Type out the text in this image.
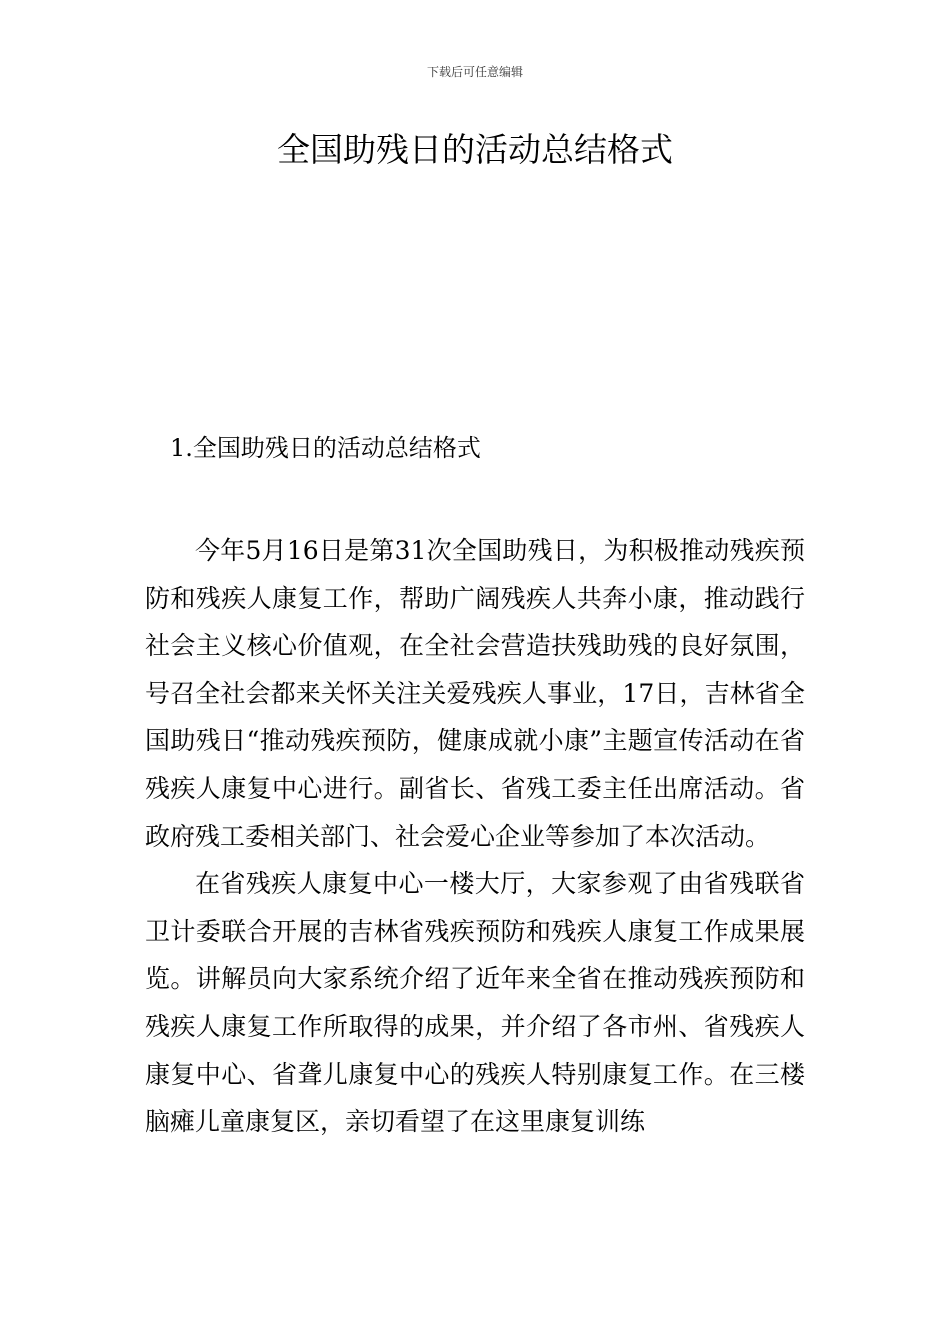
下载后可任意编辑
全国助残日的活动总结格式
1.全国助残日的活动总结格式

今年5月16日是第31次全国助残日，为积极推动残疾预防和残疾人康复工作，帮助广阔残疾人共奔小康，推动践行社会主义核心价值观，在全社会营造扶残助残的良好氛围，号召全社会都来关怀关注关爱残疾人事业，17日，吉林省全国助残日“推动残疾预防，健康成就小康”主题宣传活动在省残疾人康复中心进行。副省长、省残工委主任出席活动。省政府残工委相关部门、社会爱心企业等参加了本次活动。

在省残疾人康复中心一楼大厅，大家参观了由省残联省卫计委联合开展的吉林省残疾预防和残疾人康复工作成果展览。讲解员向大家系统介绍了近年来全省在推动残疾预防和残疾人康复工作所取得的成果，并介绍了各市州、省残疾人康复中心、省聋儿康复中心的残疾人特别康复工作。在三楼脑瘫儿童康复区，亲切看望了在这里康复训练
